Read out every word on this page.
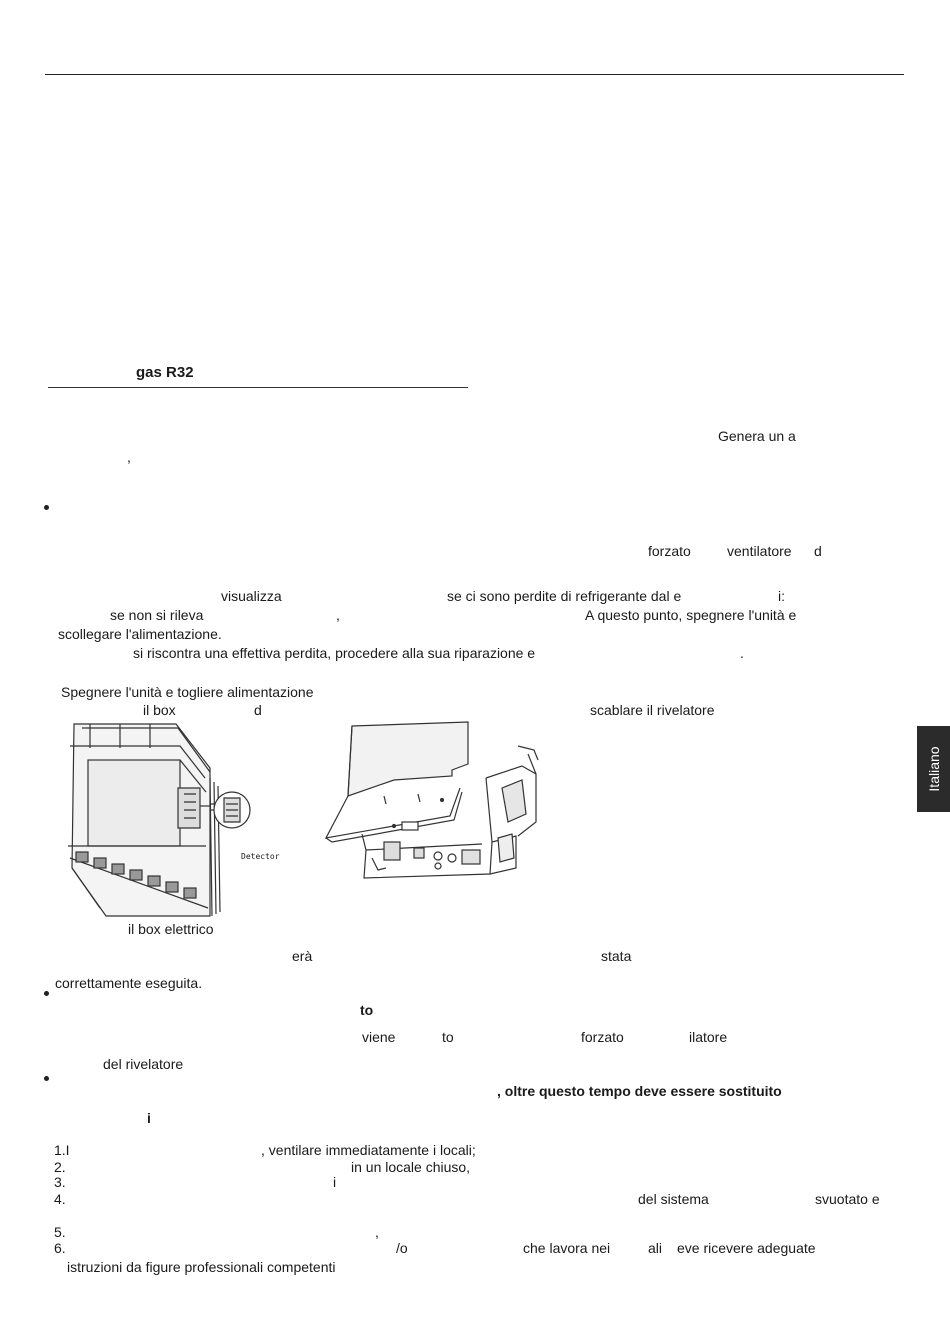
gas R32
Genera un a
,
forzato	ventilatore d
visualizza	se ci sono perdite di refrigerante dal e	i:
se non si rileva	,	A questo punto, spegnere l'unità e
scollegare l'alimentazione.
si riscontra una effettiva perdita, procedere alla sua riparazione e	.
Spegnere l'unità e togliere alimentazione
il box	d	scablare il rivelatore
Detector
il box elettrico
erà	stata
correttamente eseguita.
to
viene	to	forzato	ilatore
del rivelatore
, oltre questo tempo deve essere sostituito
i
1.I	, ventilare immediatamente i locali;
2.	in un locale chiuso,
3.	i
4.	del sistema	svuotato e
5.	,
6.	/o	che lavora nei	ali eve ricevere adeguate
istruzioni da figure professionali competenti
Italiano
